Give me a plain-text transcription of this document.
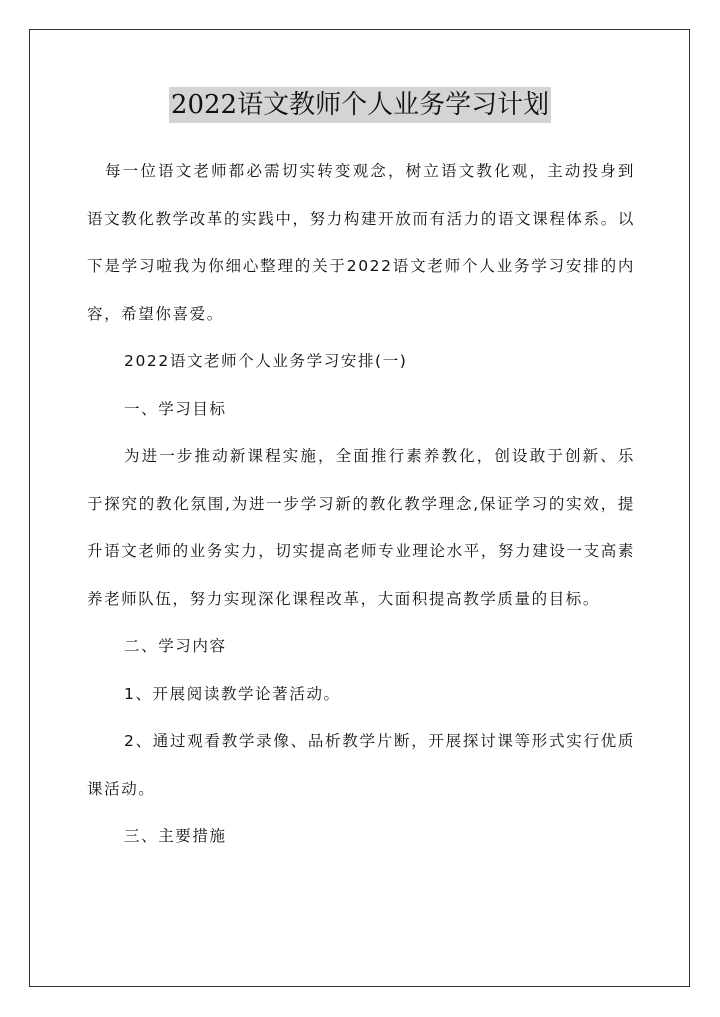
2022语文教师个人业务学习计划

每一位语文老师都必需切实转变观念，树立语文教化观，主动投身到语文教化教学改革的实践中，努力构建开放而有活力的语文课程体系。以下是学习啦我为你细心整理的关于2022语文老师个人业务学习安排的内容，希望你喜爱。

2022语文老师个人业务学习安排(一)

一、学习目标

为进一步推动新课程实施，全面推行素养教化，创设敢于创新、乐于探究的教化氛围,为进一步学习新的教化教学理念,保证学习的实效，提升语文老师的业务实力，切实提高老师专业理论水平，努力建设一支高素养老师队伍，努力实现深化课程改革，大面积提高教学质量的目标。

二、学习内容

1、开展阅读教学论著活动。

2、通过观看教学录像、品析教学片断，开展探讨课等形式实行优质课活动。

三、主要措施
